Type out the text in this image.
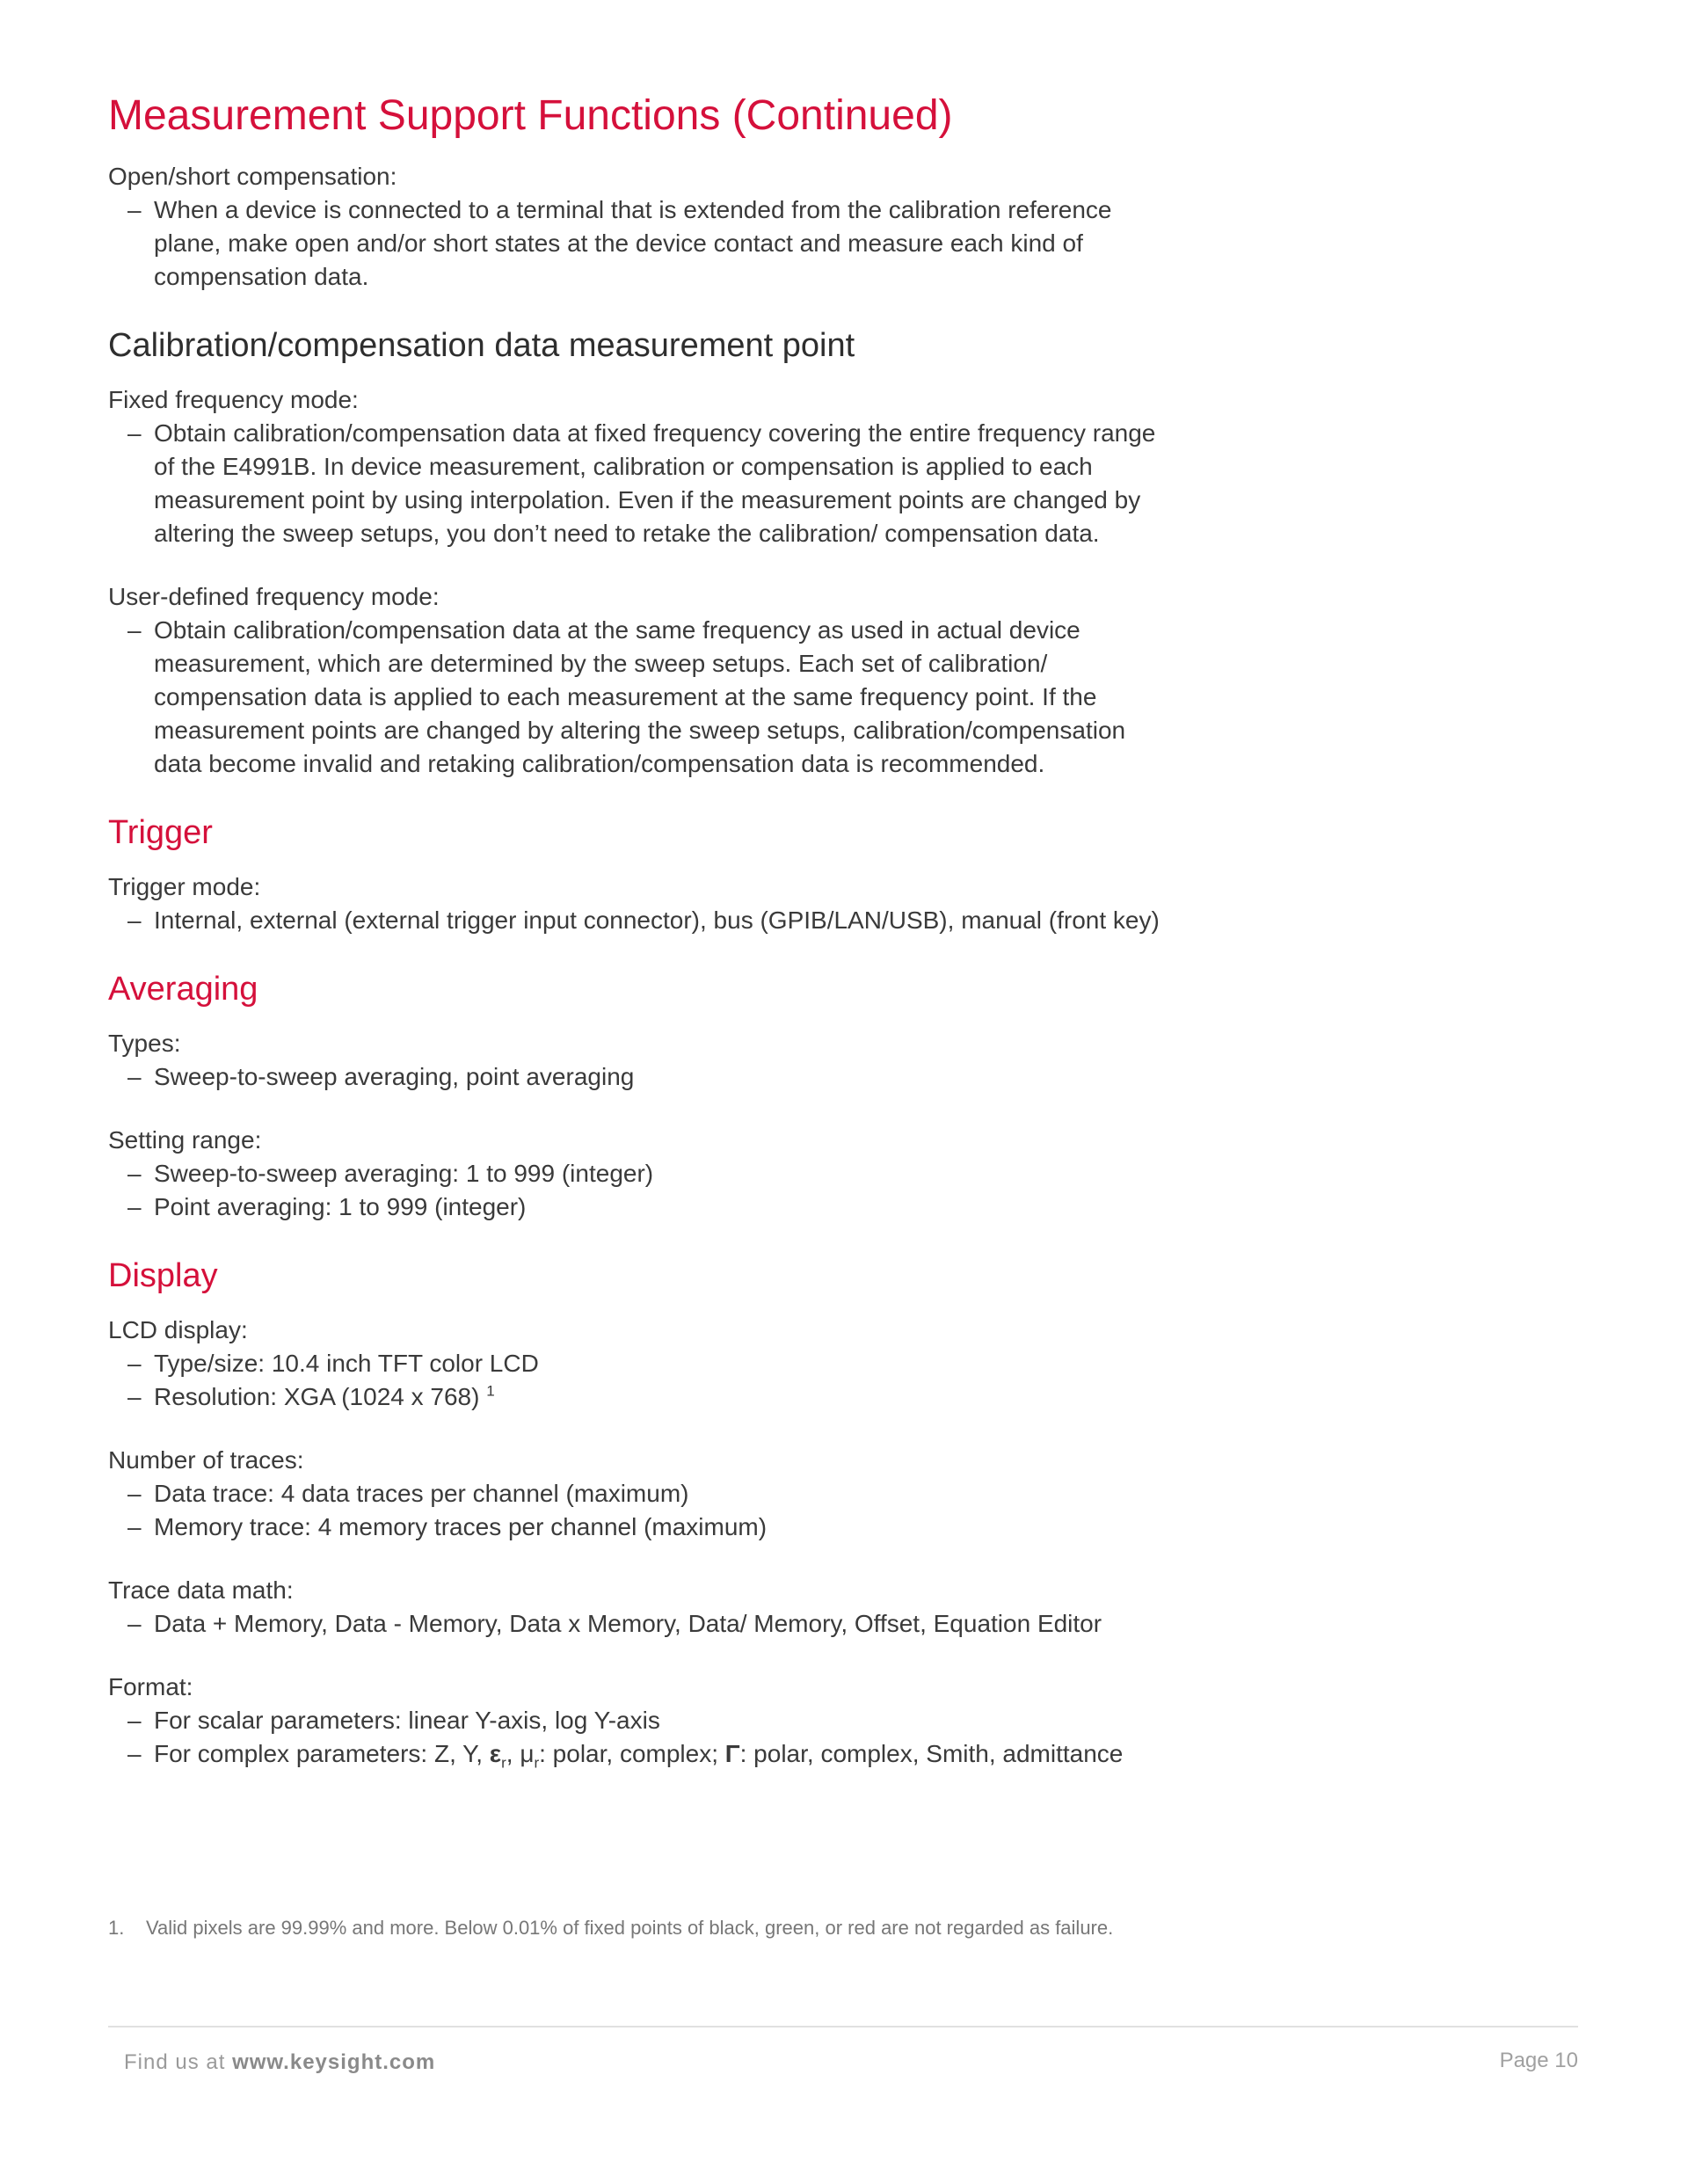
Measurement Support Functions (Continued)

Open/short compensation:

– When a device is connected to a terminal that is extended from the calibration reference plane, make open and/or short states at the device contact and measure each kind of compensation data.
Calibration/compensation data measurement point

Fixed frequency mode:

– Obtain calibration/compensation data at fixed frequency covering the entire frequency range of the E4991B. In device measurement, calibration or compensation is applied to each measurement point by using interpolation. Even if the measurement points are changed by altering the sweep setups, you don’t need to retake the calibration/ compensation data.

User-defined frequency mode:

– Obtain calibration/compensation data at the same frequency as used in actual device measurement, which are determined by the sweep setups. Each set of calibration/ compensation data is applied to each measurement at the same frequency point. If the measurement points are changed by altering the sweep setups, calibration/compensation data become invalid and retaking calibration/compensation data is recommended.
Trigger

Trigger mode:

– Internal, external (external trigger input connector), bus (GPIB/LAN/USB), manual (front key)
Averaging

Types:

– Sweep-to-sweep averaging, point averaging

Setting range:

– Sweep-to-sweep averaging: 1 to 999 (integer)
– Point averaging: 1 to 999 (integer)
Display

LCD display:

– Type/size: 10.4 inch TFT color LCD
– Resolution: XGA (1024 x 768) $^1$

Number of traces:

– Data trace: 4 data traces per channel (maximum)
– Memory trace: 4 memory traces per channel (maximum)

Trace data math:

– Data + Memory, Data - Memory, Data x Memory, Data/ Memory, Offset, Equation Editor

Format:

– For scalar parameters: linear Y-axis, log Y-axis
– For complex parameters: Z, Y, $\varepsilon_r$, $\mu_r$: polar, complex; Γ: polar, complex, Smith, admittance
1. Valid pixels are 99.99% and more. Below 0.01% of fixed points of black, green, or red are not regarded as failure.
Find us at www.keysight.com	Page 10
